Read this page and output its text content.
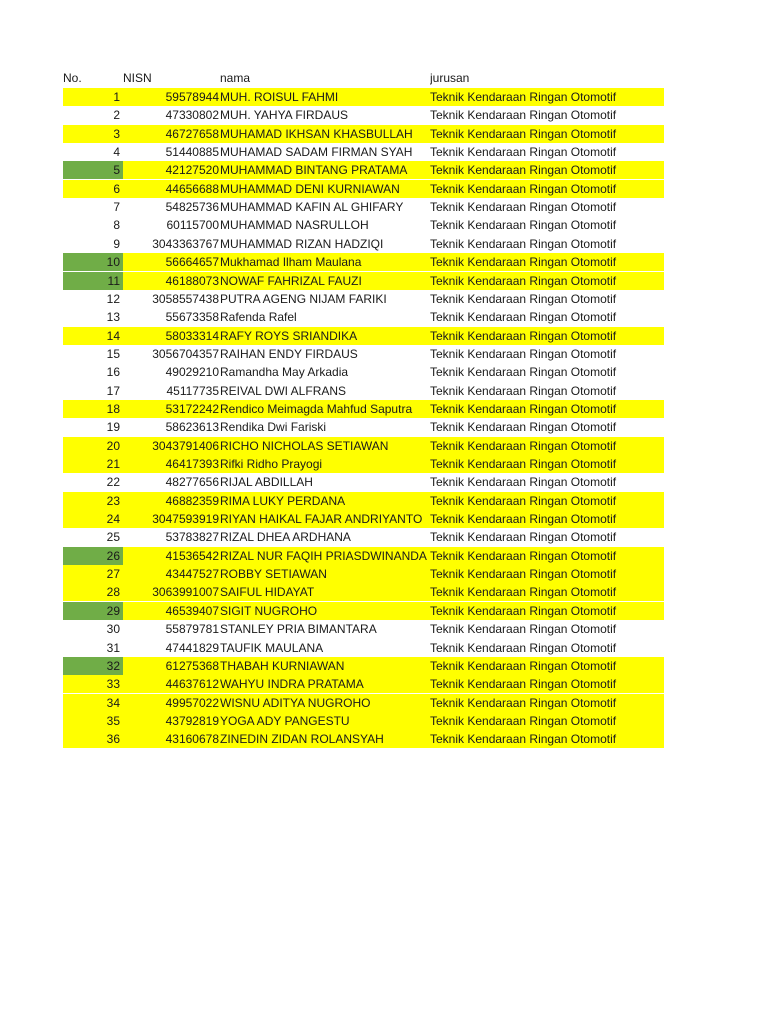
No.	NISN	nama	jurusan
1	59578944 MUH. ROISUL FAHMI	Teknik Kendaraan Ringan Otomotif
2	47330802 MUH. YAHYA FIRDAUS	Teknik Kendaraan Ringan Otomotif
3	46727658 MUHAMAD IKHSAN KHASBULLAH	Teknik Kendaraan Ringan Otomotif
4	51440885 MUHAMAD SADAM FIRMAN SYAH	Teknik Kendaraan Ringan Otomotif
5	42127520 MUHAMMAD BINTANG PRATAMA	Teknik Kendaraan Ringan Otomotif
6	44656688 MUHAMMAD DENI KURNIAWAN	Teknik Kendaraan Ringan Otomotif
7	54825736 MUHAMMAD KAFIN AL GHIFARY	Teknik Kendaraan Ringan Otomotif
8	60115700 MUHAMMAD NASRULLOH	Teknik Kendaraan Ringan Otomotif
9	3043363767 MUHAMMAD RIZAN HADZIQI	Teknik Kendaraan Ringan Otomotif
10	56664657 Mukhamad Ilham Maulana	Teknik Kendaraan Ringan Otomotif
11	46188073 NOWAF FAHRIZAL FAUZI	Teknik Kendaraan Ringan Otomotif
12	3058557438 PUTRA AGENG NIJAM FARIKI	Teknik Kendaraan Ringan Otomotif
13	55673358 Rafenda Rafel	Teknik Kendaraan Ringan Otomotif
14	58033314 RAFY ROYS SRIANDIKA	Teknik Kendaraan Ringan Otomotif
15	3056704357 RAIHAN ENDY FIRDAUS	Teknik Kendaraan Ringan Otomotif
16	49029210 Ramandha May Arkadia	Teknik Kendaraan Ringan Otomotif
17	45117735 REIVAL DWI ALFRANS	Teknik Kendaraan Ringan Otomotif
18	53172242 Rendico Meimagda Mahfud Saputra	Teknik Kendaraan Ringan Otomotif
19	58623613 Rendika Dwi Fariski	Teknik Kendaraan Ringan Otomotif
20	3043791406 RICHO NICHOLAS SETIAWAN	Teknik Kendaraan Ringan Otomotif
21	46417393 Rifki Ridho Prayogi	Teknik Kendaraan Ringan Otomotif
22	48277656 RIJAL ABDILLAH	Teknik Kendaraan Ringan Otomotif
23	46882359 RIMA LUKY PERDANA	Teknik Kendaraan Ringan Otomotif
24	3047593919 RIYAN HAIKAL FAJAR ANDRIYANTO Teknik Kendaraan Ringan Otomotif
25	53783827 RIZAL DHEA ARDHANA	Teknik Kendaraan Ringan Otomotif
26	41536542 RIZAL NUR FAQIH PRIASDWINANDA Teknik Kendaraan Ringan Otomotif
27	43447527 ROBBY SETIAWAN	Teknik Kendaraan Ringan Otomotif
28	3063991007 SAIFUL HIDAYAT	Teknik Kendaraan Ringan Otomotif
29	46539407 SIGIT NUGROHO	Teknik Kendaraan Ringan Otomotif
30	55879781 STANLEY PRIA BIMANTARA	Teknik Kendaraan Ringan Otomotif
31	47441829 TAUFIK MAULANA	Teknik Kendaraan Ringan Otomotif
32	61275368 THABAH KURNIAWAN	Teknik Kendaraan Ringan Otomotif
33	44637612 WAHYU INDRA PRATAMA	Teknik Kendaraan Ringan Otomotif
34	49957022 WISNU ADITYA NUGROHO	Teknik Kendaraan Ringan Otomotif
35	43792819 YOGA ADY PANGESTU	Teknik Kendaraan Ringan Otomotif
36	43160678 ZINEDIN ZIDAN ROLANSYAH	Teknik Kendaraan Ringan Otomotif
